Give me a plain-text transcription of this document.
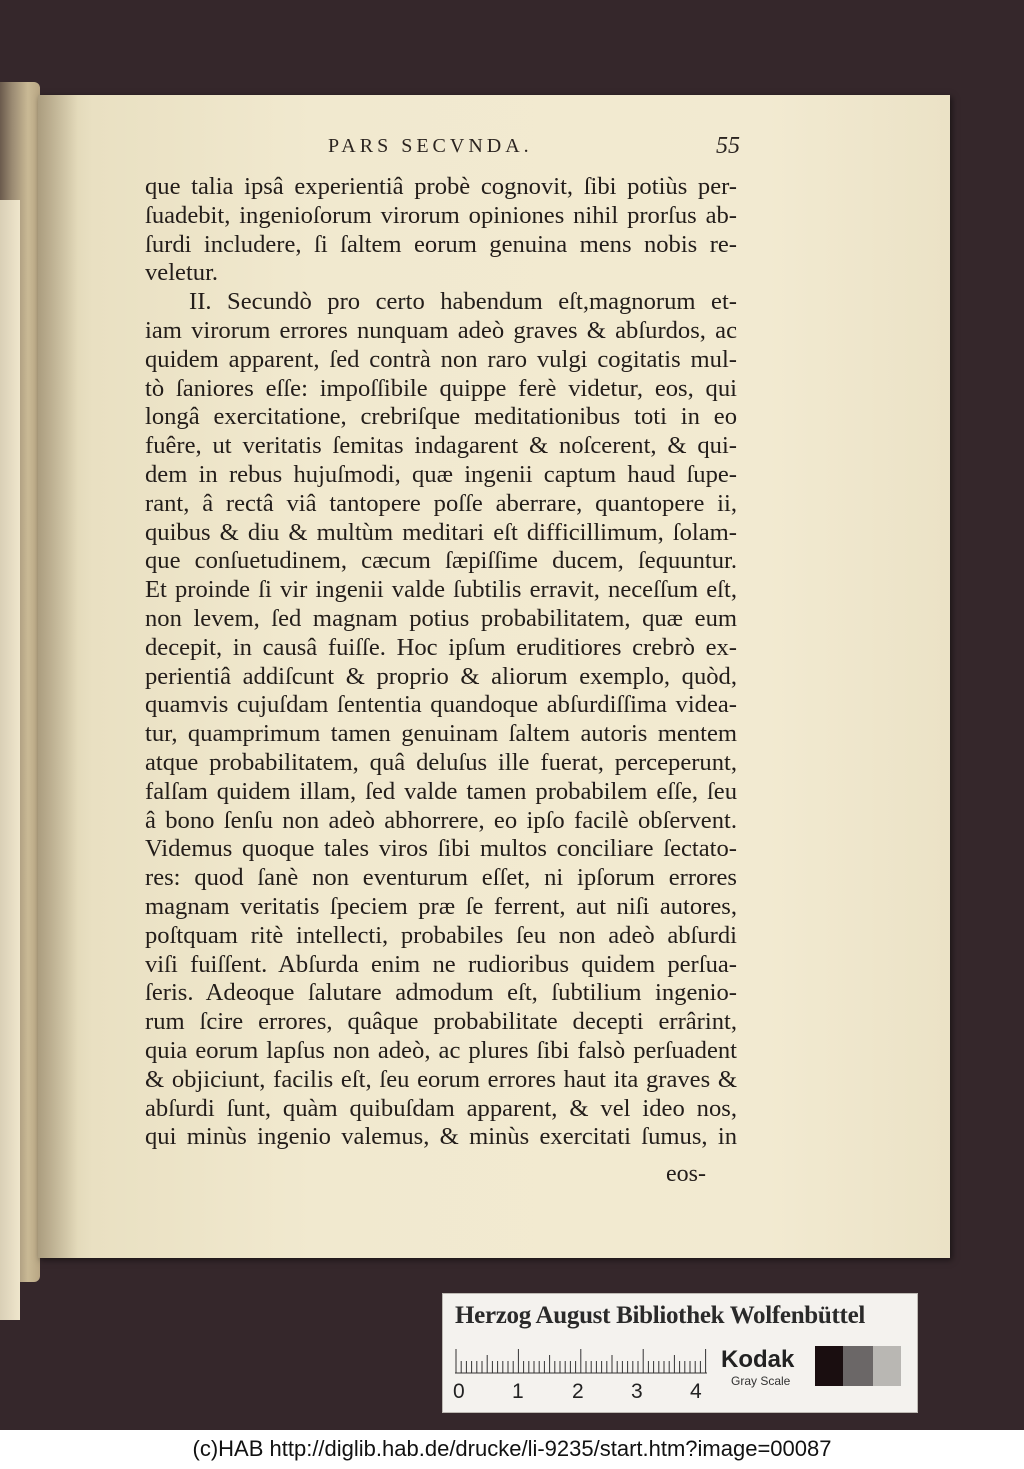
PARS SECVNDA.	55
que talia ipsâ experientiâ probè cognovit, ſibi potiùs per-
ſuadebit, ingenioſorum virorum opiniones nihil prorſus ab-
ſurdi includere, ſi ſaltem eorum genuina mens nobis re-
veletur.
II. Secundò pro certo habendum eſt,magnorum et-
iam virorum errores nunquam adeò graves & abſurdos, ac
quidem apparent, ſed contrà non raro vulgi cogitatis mul-
tò ſaniores eſſe: impoſſibile quippe ferè videtur, eos, qui
longâ exercitatione, crebriſque meditationibus toti in eo
fuêre, ut veritatis ſemitas indagarent & noſcerent, & qui-
dem in rebus hujuſmodi, quæ ingenii captum haud ſupe-
rant, â rectâ viâ tantopere poſſe aberrare, quantopere ii,
quibus & diu & multùm meditari eſt difficillimum, ſolam-
que conſuetudinem, cæcum ſæpiſſime ducem, ſequuntur.
Et proinde ſi vir ingenii valde ſubtilis erravit, neceſſum eſt,
non levem, ſed magnam potius probabilitatem, quæ eum
decepit, in causâ fuiſſe. Hoc ipſum eruditiores crebrò ex-
perientiâ addiſcunt & proprio & aliorum exemplo, quòd,
quamvis cujuſdam ſententia quandoque abſurdiſſima videa-
tur, quamprimum tamen genuinam ſaltem autoris mentem
atque probabilitatem, quâ deluſus ille fuerat, perceperunt,
falſam quidem illam, ſed valde tamen probabilem eſſe, ſeu
â bono ſenſu non adeò abhorrere, eo ipſo facilè obſervent.
Videmus quoque tales viros ſibi multos conciliare ſectato-
res: quod ſanè non eventurum eſſet, ni ipſorum errores
magnam veritatis ſpeciem præ ſe ferrent, aut niſi autores,
poſtquam ritè intellecti, probabiles ſeu non adeò abſurdi
viſi fuiſſent. Abſurda enim ne rudioribus quidem perſua-
ſeris. Adeoque ſalutare admodum eſt, ſubtilium ingenio-
rum ſcire errores, quâque probabilitate decepti errârint,
quia eorum lapſus non adeò, ac plures ſibi falsò perſuadent
& objiciunt, facilis eſt, ſeu eorum errores haut ita graves &
abſurdi ſunt, quàm quibuſdam apparent, & vel ideo nos,
qui minùs ingenio valemus, & minùs exercitati ſumus, in
eos-
Herzog August Bibliothek Wolfenbüttel
0 1 2 3 4
Kodak
Gray Scale
(c)HAB http://diglib.hab.de/drucke/li-9235/start.htm?image=00087
